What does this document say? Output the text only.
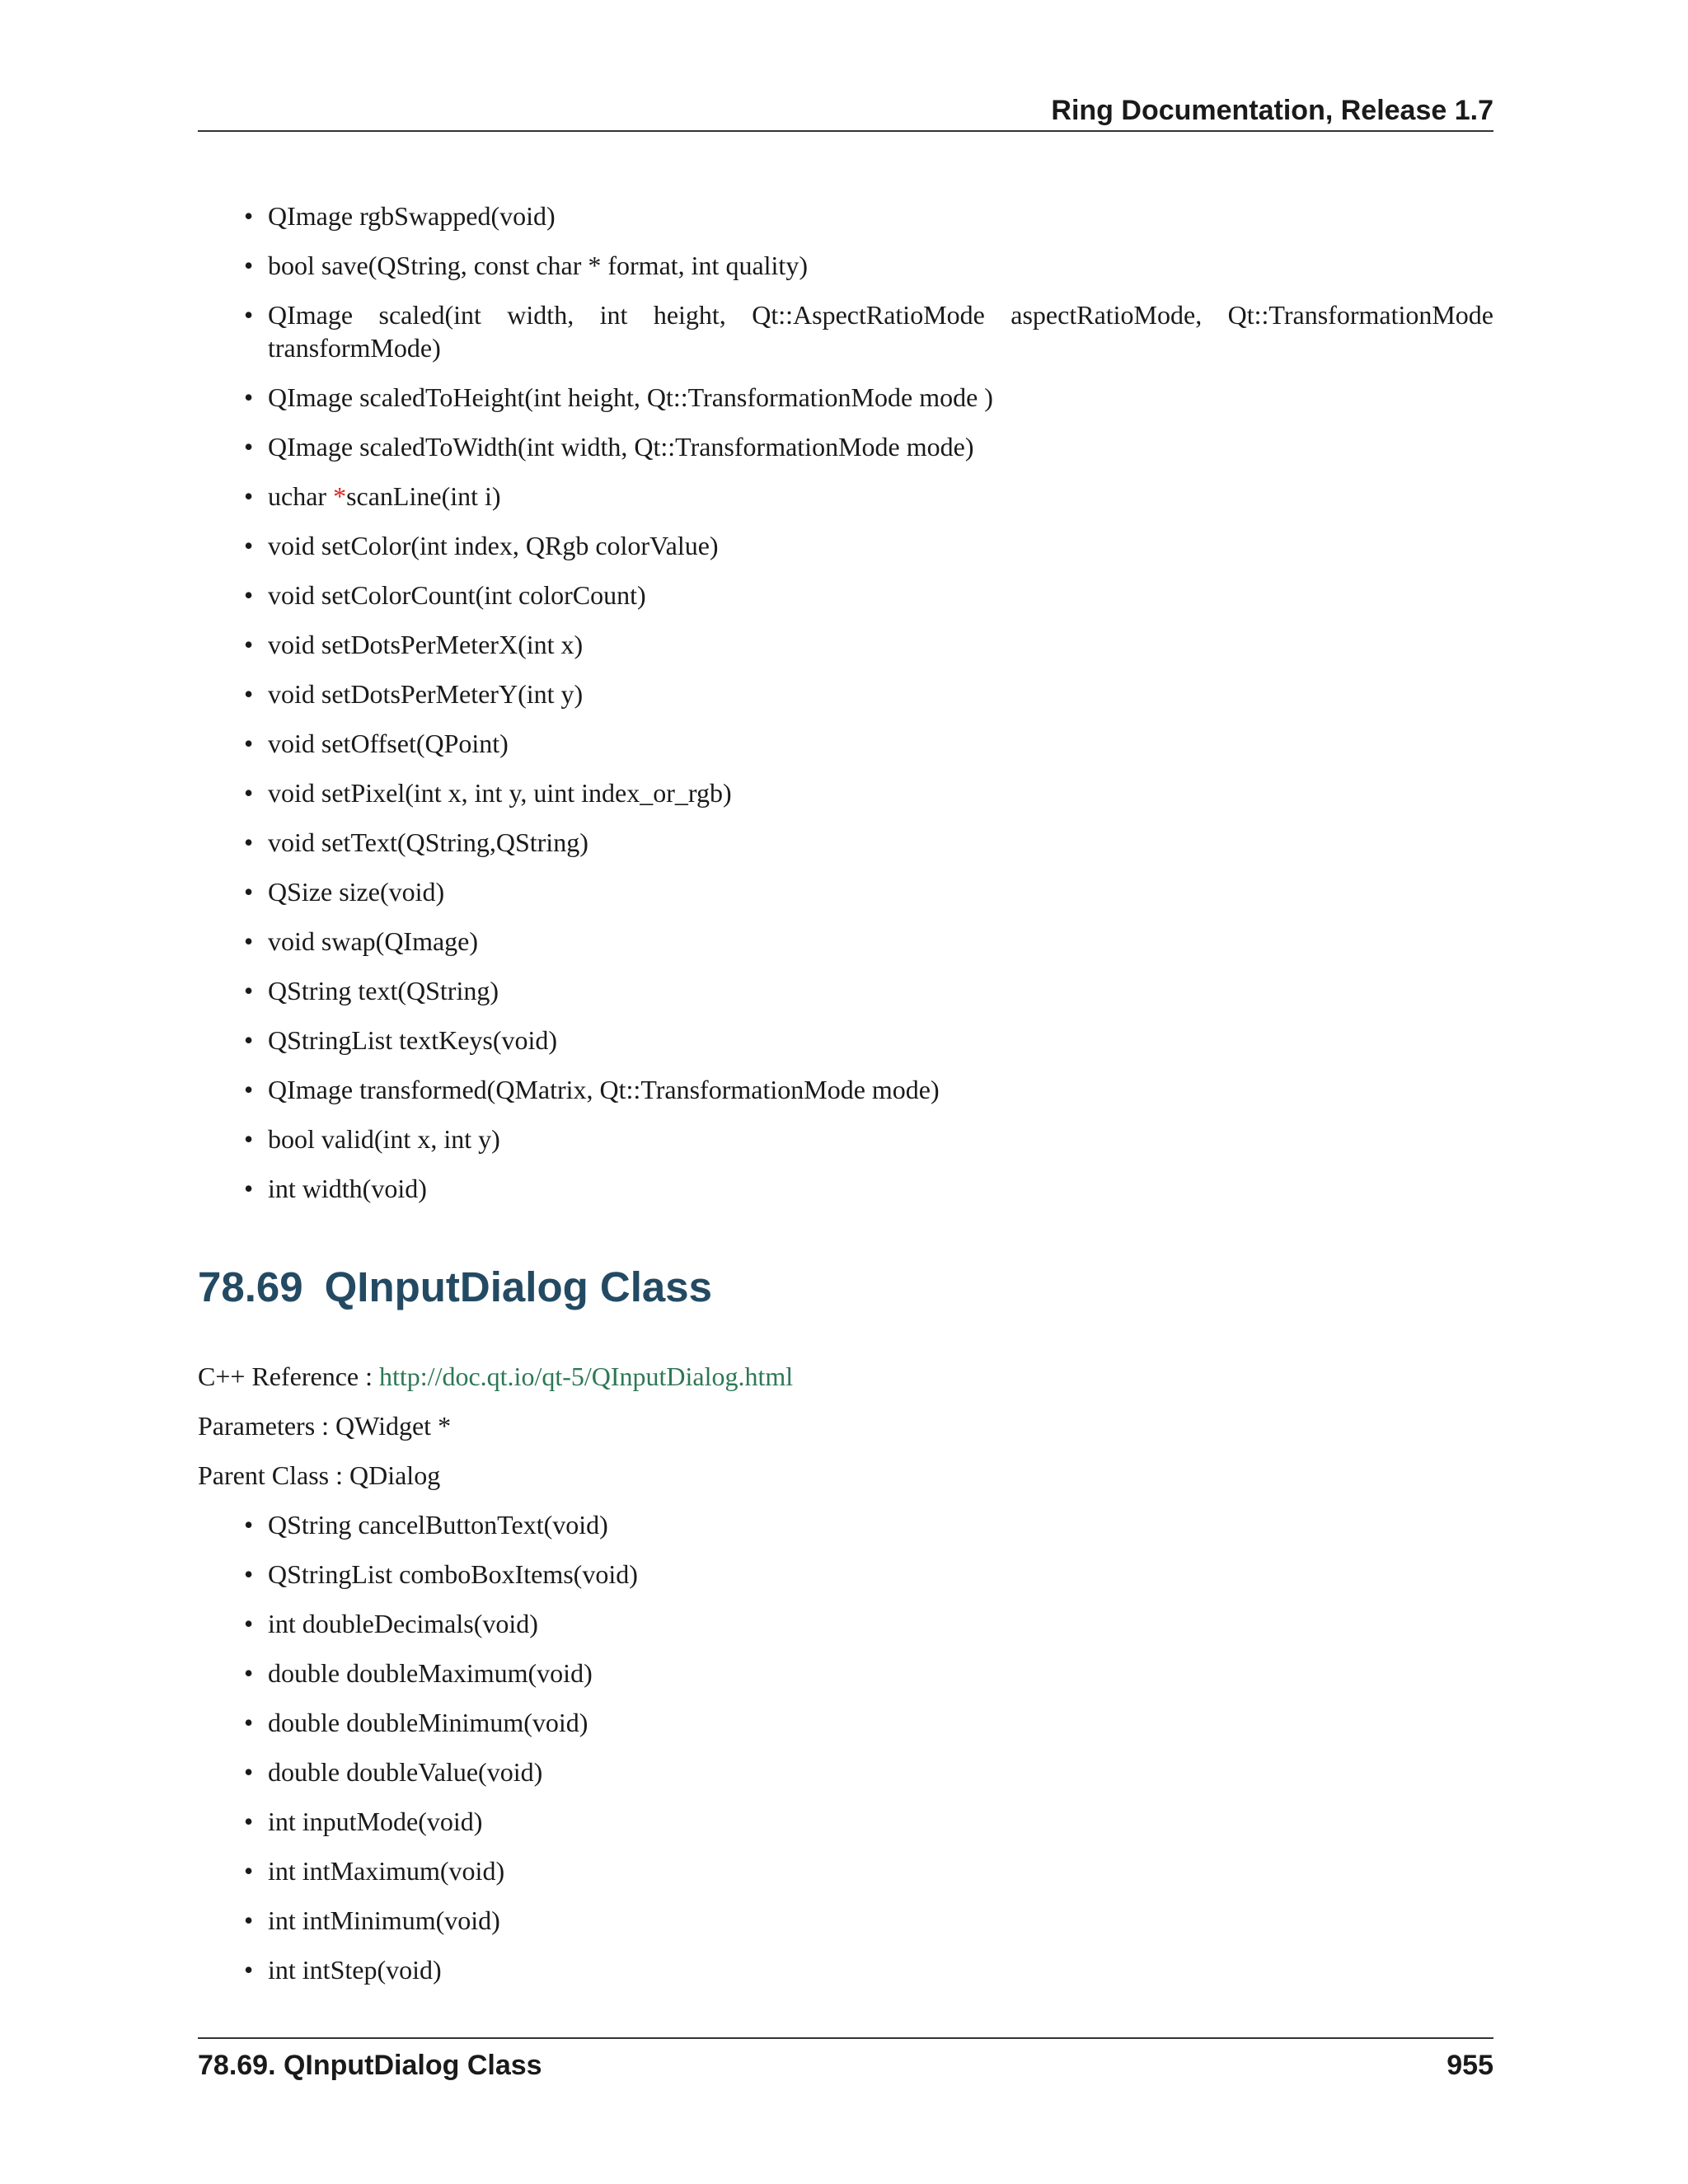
Ring Documentation, Release 1.7
• QImage rgbSwapped(void)
• bool save(QString, const char * format, int quality)
• QImage scaled(int width, int height, Qt::AspectRatioMode aspectRatioMode, Qt::TransformationMode transformMode)
• QImage scaledToHeight(int height, Qt::TransformationMode mode )
• QImage scaledToWidth(int width, Qt::TransformationMode mode)
• uchar *scanLine(int i)
• void setColor(int index, QRgb colorValue)
• void setColorCount(int colorCount)
• void setDotsPerMeterX(int x)
• void setDotsPerMeterY(int y)
• void setOffset(QPoint)
• void setPixel(int x, int y, uint index_or_rgb)
• void setText(QString,QString)
• QSize size(void)
• void swap(QImage)
• QString text(QString)
• QStringList textKeys(void)
• QImage transformed(QMatrix, Qt::TransformationMode mode)
• bool valid(int x, int y)
• int width(void)
78.69 QInputDialog Class

C++ Reference : http://doc.qt.io/qt-5/QInputDialog.html

Parameters : QWidget *

Parent Class : QDialog

• QString cancelButtonText(void)
• QStringList comboBoxItems(void)
• int doubleDecimals(void)
• double doubleMaximum(void)
• double doubleMinimum(void)
• double doubleValue(void)
• int inputMode(void)
• int intMaximum(void)
• int intMinimum(void)
• int intStep(void)
78.69. QInputDialog Class	955
